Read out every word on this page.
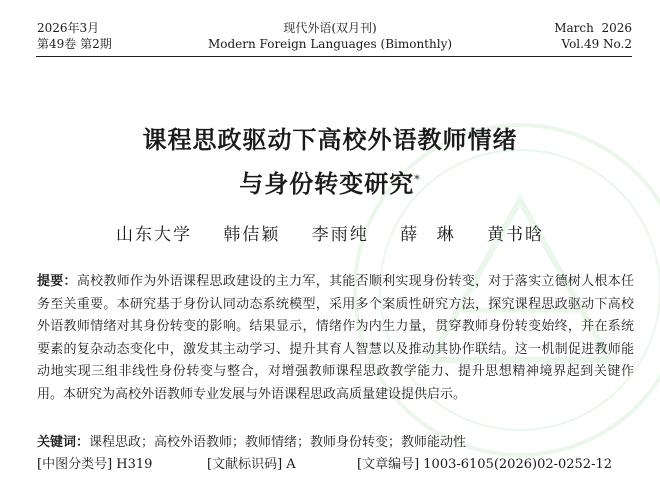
2026年3月
第49卷 第2期
现代外语(双月刊)
Modern Foreign Languages (Bimonthly)
March  2026
Vol.49 No.2
课程思政驱动下高校外语教师情绪
与身份转变研究*
山东大学 韩佶颖 李雨纯 薛 琳 黄书晗
提要：高校教师作为外语课程思政建设的主力军，其能否顺利实现身份转变，对于落实立德树人根本任务至关重要。本研究基于身份认同动态系统模型，采用多个案质性研究方法，探究课程思政驱动下高校外语教师情绪对其身份转变的影响。结果显示，情绪作为内生力量，贯穿教师身份转变始终，并在系统要素的复杂动态变化中，激发其主动学习、提升其育人智慧以及推动其协作联结。这一机制促进教师能动地实现三组非线性身份转变与整合，对增强教师课程思政教学能力、提升思想精神境界起到关键作用。本研究为高校外语教师专业发展与外语课程思政高质量建设提供启示。
关键词：课程思政；高校外语教师；教师情绪；教师身份转变；教师能动性
[中图分类号] H319	[文献标识码] A	[文章编号] 1003-6105(2026)02-0252-12
